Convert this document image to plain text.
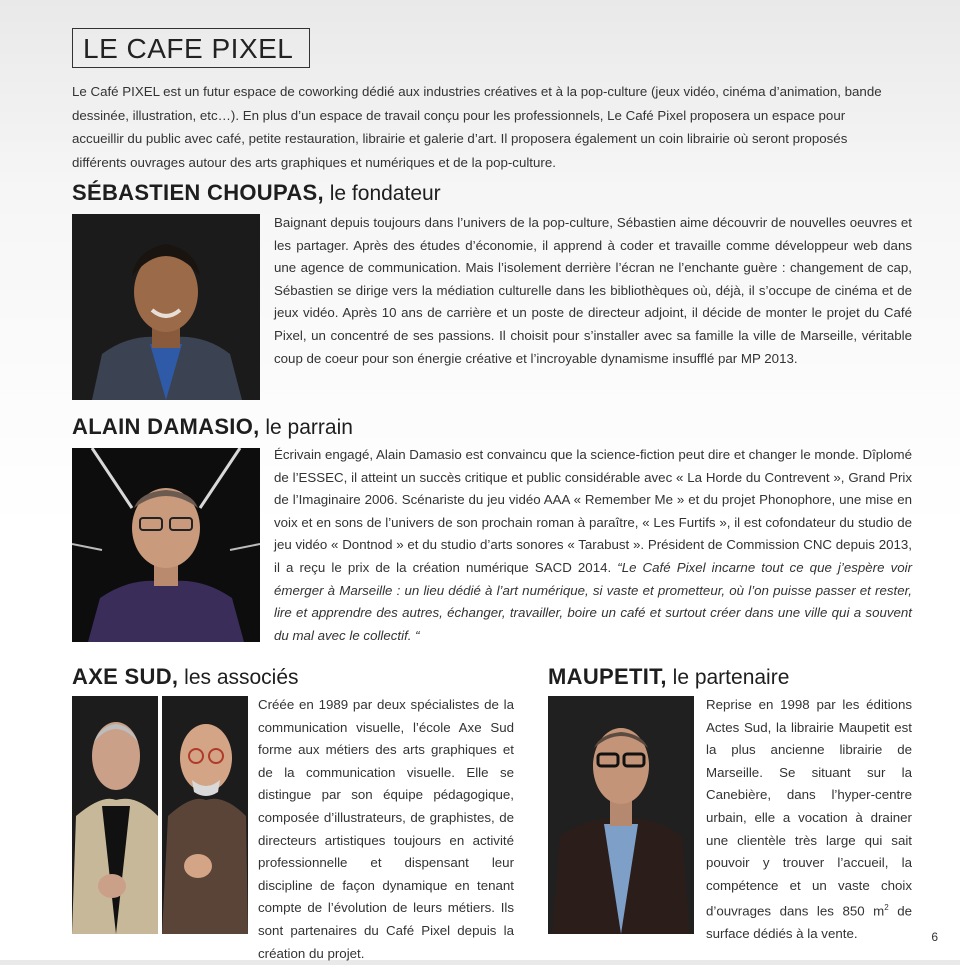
LE CAFE PIXEL
Le Café PIXEL est un futur espace de coworking dédié aux industries créatives et à la pop-culture (jeux vidéo, cinéma d’animation, bande dessinée, illustration, etc…). En plus d’un espace de travail conçu pour les professionnels, Le Café Pixel proposera un espace pour accueillir du public avec café, petite restauration, librairie et galerie d’art. Il proposera également un coin librairie où seront proposés différents ouvrages autour des arts graphiques et numériques et de la pop-culture.
SÉBASTIEN CHOUPAS, le fondateur
Baignant depuis toujours dans l’univers de la pop-culture, Sébastien aime découvrir de nouvelles oeuvres et les partager. Après des études d’économie, il apprend à coder et travaille comme développeur web dans une agence de communication. Mais l’isolement derrière l’écran ne l’enchante guère : changement de cap, Sébastien se dirige vers la médiation culturelle dans les bibliothèques où, déjà, il s’occupe de cinéma et de jeux vidéo. Après 10 ans de carrière et un poste de directeur adjoint, il décide de monter le projet du Café Pixel, un concentré de ses passions. Il choisit pour s’installer avec sa famille la ville de Marseille, véritable coup de coeur pour son énergie créative et l’incroyable dynamisme insufflé par MP 2013.
ALAIN DAMASIO, le parrain
Écrivain engagé, Alain Damasio est convaincu que la science-fiction peut dire et changer le monde. Dîplomé de l’ESSEC, il atteint un succès critique et public considérable avec « La Horde du Contrevent », Grand Prix de l’Imaginaire 2006. Scénariste du jeu vidéo AAA « Remember Me » et du projet Phonophore, une mise en voix et en sons de l’univers de son prochain roman à paraître, « Les Furtifs », il est cofondateur du studio de jeu vidéo « Dontnod » et du studio d’arts sonores « Tarabust ». Président de Commission CNC depuis 2013, il a reçu le prix de la création numérique SACD 2014. “Le Café Pixel incarne tout ce que j’espère voir émerger à Marseille : un lieu dédié à l’art numérique, si vaste et prometteur, où l’on puisse passer et rester, lire et apprendre des autres, échanger, travailler, boire un café et surtout créer dans une ville qui a souvent du mal avec le collectif. “
AXE SUD, les associés
Créée en 1989 par deux spécialistes de la communication visuelle, l’école Axe Sud forme aux métiers des arts graphiques et de la communication visuelle. Elle se distingue par son équipe pédagogique, composée d’illustrateurs, de graphistes, de directeurs artistiques toujours en activité professionnelle et dispensant leur discipline de façon dynamique en tenant compte de l’évolution de leurs métiers. Ils sont partenaires du Café Pixel depuis la création du projet.
MAUPETIT, le partenaire
Reprise en 1998 par les éditions Actes Sud, la librairie Maupetit est la plus ancienne librairie de Marseille. Se situant sur la Canebière, dans l’hyper-centre urbain, elle a vocation à drainer une clientèle très large qui sait pouvoir y trouver l’accueil, la compétence et un vaste choix d’ouvrages dans les 850 $m^2$ de surface dédiés à la vente.	6
